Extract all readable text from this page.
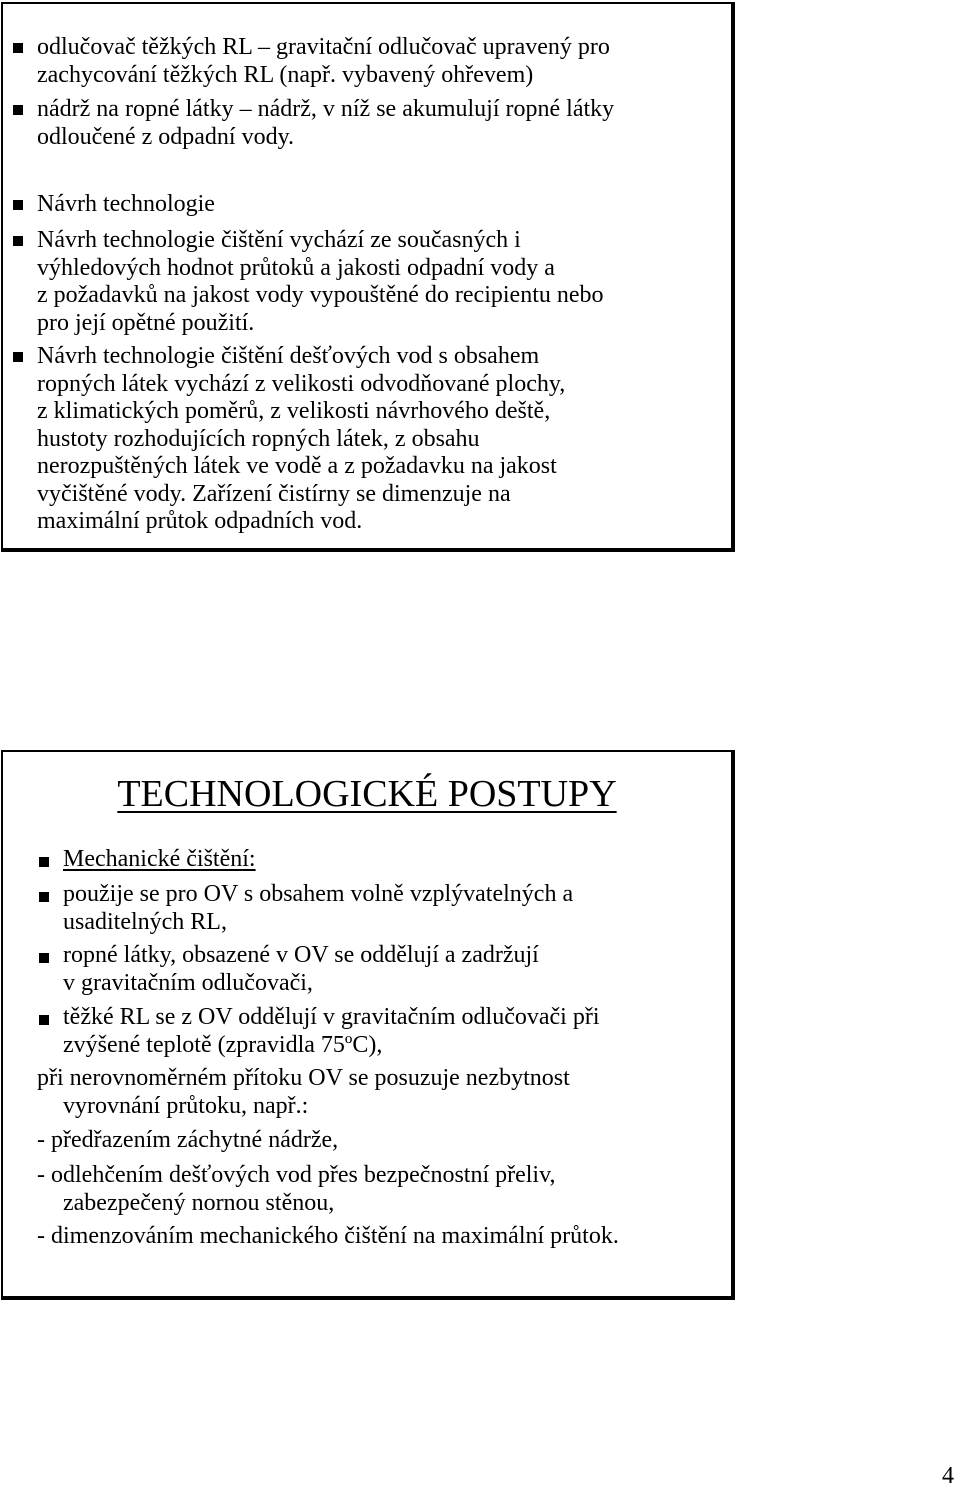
odlučovač těžkých RL – gravitační odlučovač upravený pro
zachycování těžkých RL (např. vybavený ohřevem)

nádrž na ropné látky – nádrž, v níž se akumulují ropné látky
odloučené z odpadní vody.

Návrh technologie

Návrh technologie čištění vychází ze současných i
výhledových hodnot průtoků a jakosti odpadní vody a
z požadavků na jakost vody vypouštěné do recipientu nebo
pro její opětné použití.

Návrh technologie čištění dešťových vod s obsahem
ropných látek vychází z velikosti odvodňované plochy,
z klimatických poměrů, z velikosti návrhového deště,
hustoty rozhodujících ropných látek, z obsahu
nerozpuštěných látek ve vodě a z požadavku na jakost
vyčištěné vody. Zařízení čistírny se dimenzuje na
maximální průtok odpadních vod.

TECHNOLOGICKÉ POSTUPY

Mechanické čištění:

použije se pro OV s obsahem volně vzplývatelných a
usaditelných RL,

ropné látky, obsazené v OV se oddělují a zadržují
v gravitačním odlučovači,

těžké RL se z OV oddělují v gravitačním odlučovači při
zvýšené teplotě (zpravidla 75ºC),

při nerovnoměrném přítoku OV se posuzuje nezbytnost
vyrovnání průtoku, např.:

- předřazením záchytné nádrže,

- odlehčením dešťových vod přes bezpečnostní přeliv,
zabezpečený nornou stěnou,

- dimenzováním mechanického čištění na maximální průtok.

4
